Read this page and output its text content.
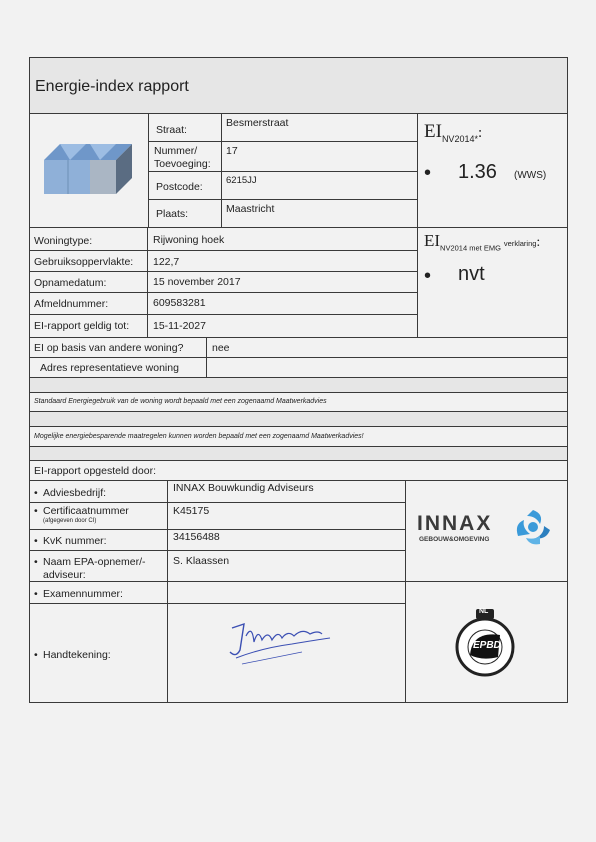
Energie-index rapport
Straat:
Besmerstraat
Nummer/
Toevoeging:
17
Postcode:
6215JJ
Plaats:	Maastricht
$EI_{NV2014*}$:
• 1.36 (WWS)
$EI_{NV2014 met EMG}$ verklaring:
• nvt
Woningtype:	Rijwoning hoek
Gebruiksoppervlakte: 122,7
Opnamedatum:	15 november 2017
Afmeldnummer:	609583281
EI-rapport geldig tot: 15-11-2027
EI op basis van andere woning?	nee
Adres representatieve woning
Standaard Energiegebruik van de woning wordt bepaald met een zogenaamd Maatwerkadvies
Mogelijke energiebesparende maatregelen kunnen worden bepaald met een zogenaamd Maatwerkadvies!
EI-rapport opgesteld door:
• Adviesbedrijf:	INNAX Bouwkundig Adviseurs
• Certificaatnummer
(afgegeven door CI)
K45175
• KvK nummer:	34156488
• Naam EPA-opnemer/-
adviseur:
S. Klaassen
• Examennummer:
• Handtekening:
INNAX
GEBOUW&OMGEVING
NL
EPBD
